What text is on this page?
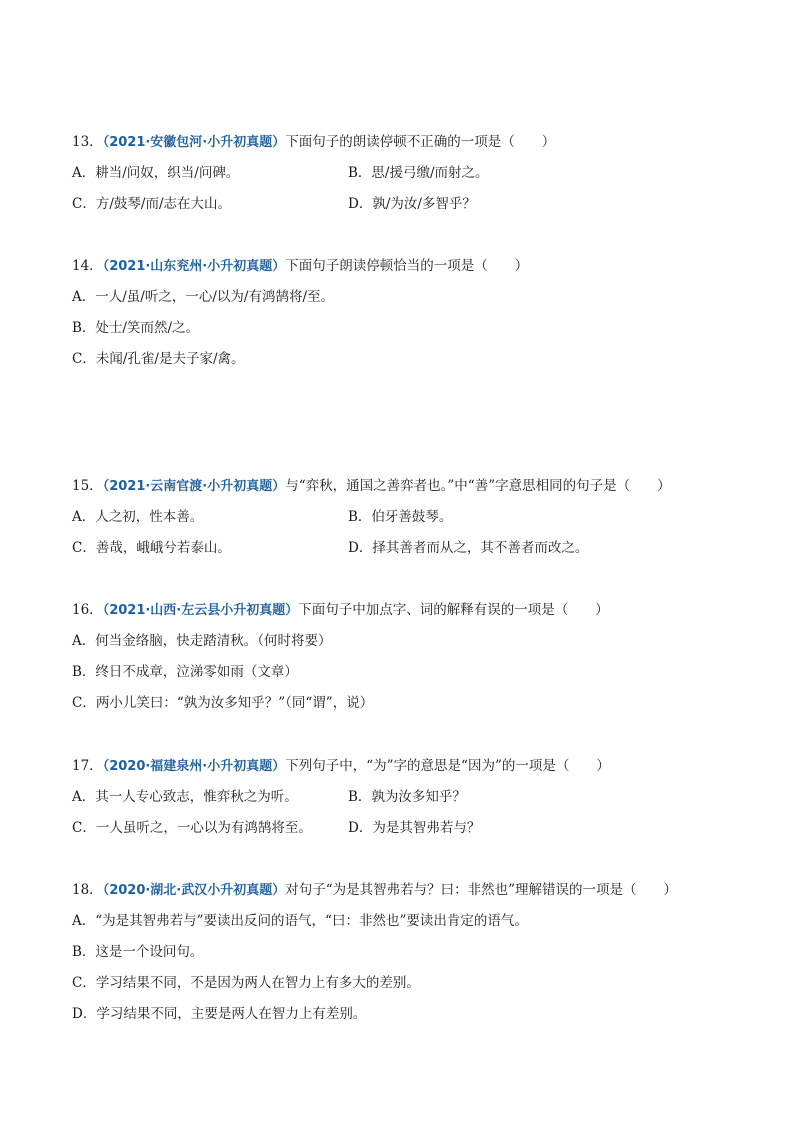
13．（2021·安徽包河·小升初真题）下面句子的朗读停顿不正确的一项是（　　）
A．耕当/问奴，织当/问碑。	B．思/援弓缴/而射之。
C．方/鼓琴/而/志在大山。	D．孰/为汝/多智乎？
14．（2021·山东兖州·小升初真题）下面句子朗读停顿恰当的一项是（　　）
A．一人/虽/听之，一心/以为/有鸿鹄将/至。
B．处士/笑而然/之。
C．未闻/孔雀/是夫子家/禽。
15．（2021·云南官渡·小升初真题）与“弈秋，通国之善弈者也。”中“善”字意思相同的句子是（　　）
A．人之初，性本善。	B．伯牙善鼓琴。
C．善哉，峨峨兮若泰山。	D．择其善者而从之，其不善者而改之。
16．（2021·山西·左云县小升初真题）下面句子中加点字、词的解释有误的一项是（　　）
A．何当金络脑，快走踏清秋。（何时将要）
B．终日不成章，泣涕零如雨（文章）
C．两小儿笑曰：“孰为汝多知乎？”（同“谓”，说）
17．（2020·福建泉州·小升初真题）下列句子中，“为”字的意思是“因为”的一项是（　　）
A．其一人专心致志，惟弈秋之为听。	B．孰为汝多知乎？
C．一人虽听之，一心以为有鸿鹄将至。	D．为是其智弗若与？
18．（2020·湖北·武汉小升初真题）对句子“为是其智弗若与？曰：非然也”理解错误的一项是（　　）
A．“为是其智弗若与”要读出反问的语气，“曰：非然也”要读出肯定的语气。
B．这是一个设问句。
C．学习结果不同，不是因为两人在智力上有多大的差别。
D．学习结果不同，主要是两人在智力上有差别。
